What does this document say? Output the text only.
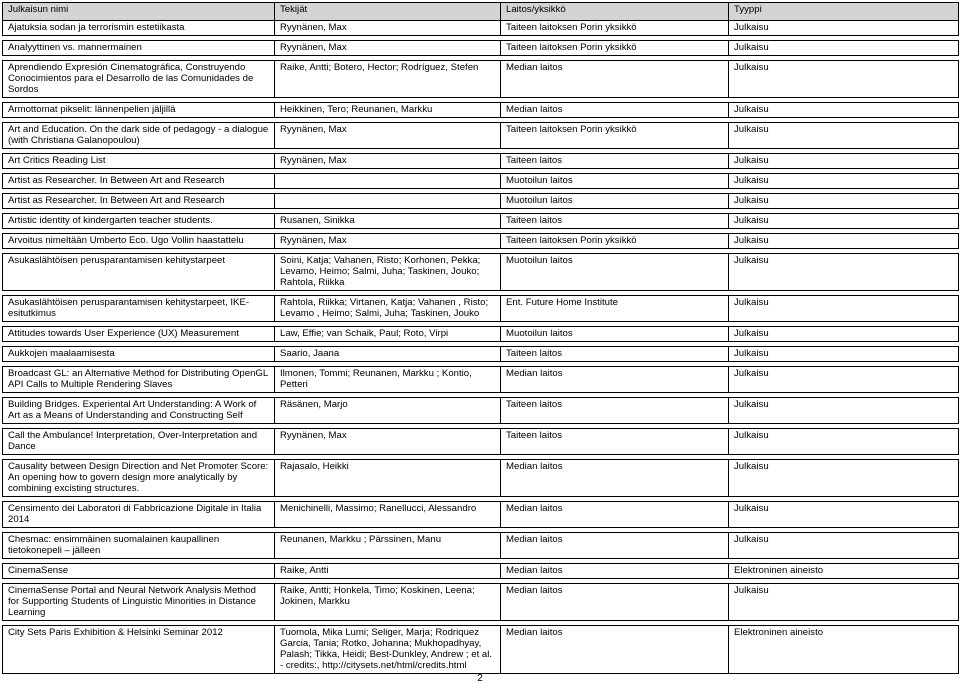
Julkaisun nimi	Tekijät	Laitos/yksikkö	Tyyppi
Ajatuksia sodan ja terrorismin estetiikasta	Ryynänen, Max	Taiteen laitoksen Porin yksikkö	Julkaisu

Analyyttinen vs. mannermainen	Ryynänen, Max	Taiteen laitoksen Porin yksikkö	Julkaisu

Aprendiendo Expresión Cinematográfica, Construyendo Conocimientos para el Desarrollo de las Comunidades de Sordos	Raike, Antti; Botero, Hector; Rodríguez, Stefen	Median laitos	Julkaisu

Armottomat pikselit: lännenpelien jäljillä	Heikkinen, Tero; Reunanen, Markku	Median laitos	Julkaisu

Art and Education. On the dark side of pedagogy - a dialogue (with Christiana Galanopoulou)	Ryynänen, Max	Taiteen laitoksen Porin yksikkö	Julkaisu

Art Critics Reading List	Ryynänen, Max	Taiteen laitos	Julkaisu

Artist as Researcher. In Between Art and Research		Muotoilun laitos	Julkaisu

Artist as Researcher. In Between Art and Research		Muotoilun laitos	Julkaisu

Artistic identity of kindergarten teacher students.	Rusanen, Sinikka	Taiteen laitos	Julkaisu

Arvoitus nimeltään Umberto Eco. Ugo Vollin haastattelu	Ryynänen, Max	Taiteen laitoksen Porin yksikkö	Julkaisu

Asukaslähtöisen perusparantamisen kehitystarpeet	Soini, Katja; Vahanen, Risto; Korhonen, Pekka; Levamo, Heimo; Salmi, Juha; Taskinen, Jouko; Rahtola, Riikka	Muotoilun laitos	Julkaisu

Asukaslähtöisen perusparantamisen kehitystarpeet, IKE-esitutkimus	Rahtola, Riikka; Virtanen, Katja; Vahanen , Risto; Levamo , Heimo; Salmi, Juha; Taskinen, Jouko	Ent. Future Home Institute	Julkaisu

Attitudes towards User Experience (UX) Measurement	Law, Effie; van Schaik, Paul; Roto, Virpi	Muotoilun laitos	Julkaisu

Aukkojen maalaamisesta	Saario, Jaana	Taiteen laitos	Julkaisu

Broadcast GL: an Alternative Method for Distributing OpenGL API Calls to Multiple Rendering Slaves	Ilmonen, Tommi; Reunanen, Markku ; Kontio, Petteri	Median laitos	Julkaisu

Building Bridges. Experiental Art Understanding: A Work of Art as a Means of Understanding and Constructing Self	Räsänen, Marjo	Taiteen laitos	Julkaisu

Call the Ambulance! Interpretation, Over-Interpretation and Dance	Ryynänen, Max	Taiteen laitos	Julkaisu

Causality between Design Direction and Net Promoter Score: An opening how to govern design more analytically by combining excisting structures.	Rajasalo, Heikki	Median laitos	Julkaisu

Censimento dei Laboratori di Fabbricazione Digitale in Italia 2014	Menichinelli, Massimo; Ranellucci, Alessandro	Median laitos	Julkaisu

Chesmac: ensimmäinen suomalainen kaupallinen tietokonepeli – jälleen	Reunanen, Markku ; Pärssinen, Manu	Median laitos	Julkaisu

CinemaSense	Raike, Antti	Median laitos	Elektroninen aineisto

CinemaSense Portal and Neural Network Analysis Method for Supporting Students of Linguistic Minorities in Distance Learning	Raike, Antti; Honkela, Timo; Koskinen, Leena; Jokinen, Markku	Median laitos	Julkaisu

City Sets Paris Exhibition & Helsinki Seminar 2012	Tuomola, Mika Lumi; Seliger, Marja; Rodriquez Garcia, Tania; Rotko, Johanna; Mukhopadhyay, Palash; Tikka, Heidi; Best-Dunkley, Andrew ; et al. - credits:, http://citysets.net/html/credits.html	Median laitos	Elektroninen aineisto
2
